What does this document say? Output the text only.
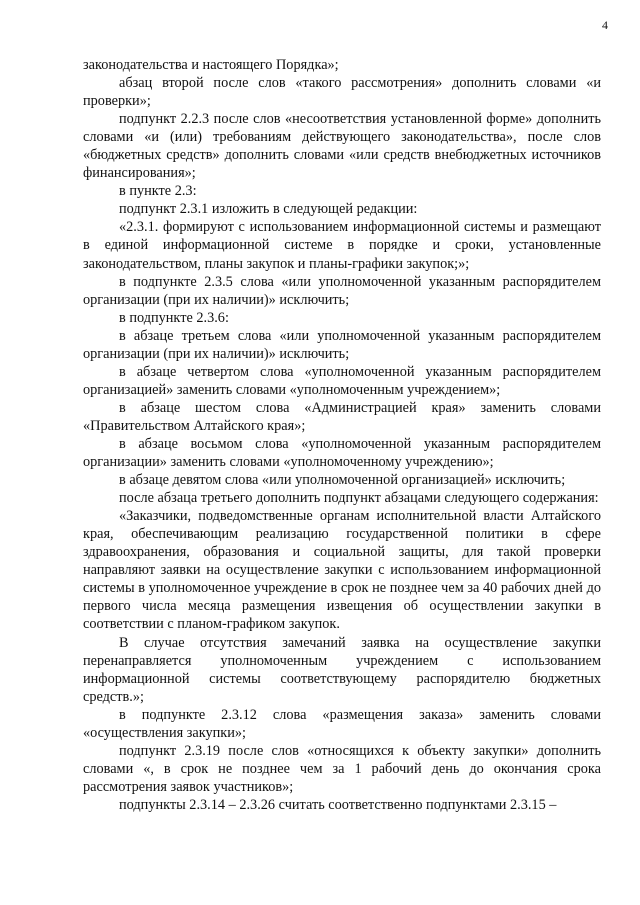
4

законодательства и настоящего Порядка»;

абзац второй после слов «такого рассмотрения» дополнить словами «и проверки»;

подпункт 2.2.3 после слов «несоответствия установленной форме» дополнить словами «и (или) требованиям действующего законодательства», после слов «бюджетных средств» дополнить словами «или средств внебюджетных источников финансирования»;

в пункте 2.3:

подпункт 2.3.1 изложить в следующей редакции:

«2.3.1. формируют с использованием информационной системы и размещают в единой информационной системе в порядке и сроки, установленные законодательством, планы закупок и планы-графики закупок;»;

в подпункте 2.3.5 слова «или уполномоченной указанным распорядителем организации (при их наличии)» исключить;

в подпункте 2.3.6:

в абзаце третьем слова «или уполномоченной указанным распорядителем организации (при их наличии)» исключить;

в абзаце четвертом слова «уполномоченной указанным распорядителем организацией» заменить словами «уполномоченным учреждением»;

в абзаце шестом слова «Администрацией края» заменить словами «Правительством Алтайского края»;

в абзаце восьмом слова «уполномоченной указанным распорядителем организации» заменить словами «уполномоченному учреждению»;

в абзаце девятом слова «или уполномоченной организацией» исключить;

после абзаца третьего дополнить подпункт абзацами следующего содержания:

«Заказчики, подведомственные органам исполнительной власти Алтайского края, обеспечивающим реализацию государственной политики в сфере здравоохранения, образования и социальной защиты, для такой проверки направляют заявки на осуществление закупки с использованием информационной системы в уполномоченное учреждение в срок не позднее чем за 40 рабочих дней до первого числа месяца размещения извещения об осуществлении закупки в соответствии с планом-графиком закупок.

В случае отсутствия замечаний заявка на осуществление закупки перенаправляется уполномоченным учреждением с использованием информационной системы соответствующему распорядителю бюджетных средств.»;

в подпункте 2.3.12 слова «размещения заказа» заменить словами «осуществления закупки»;

подпункт 2.3.19 после слов «относящихся к объекту закупки» дополнить словами «, в срок не позднее чем за 1 рабочий день до окончания срока рассмотрения заявок участников»;

подпункты 2.3.14 – 2.3.26 считать соответственно подпунктами 2.3.15 –
